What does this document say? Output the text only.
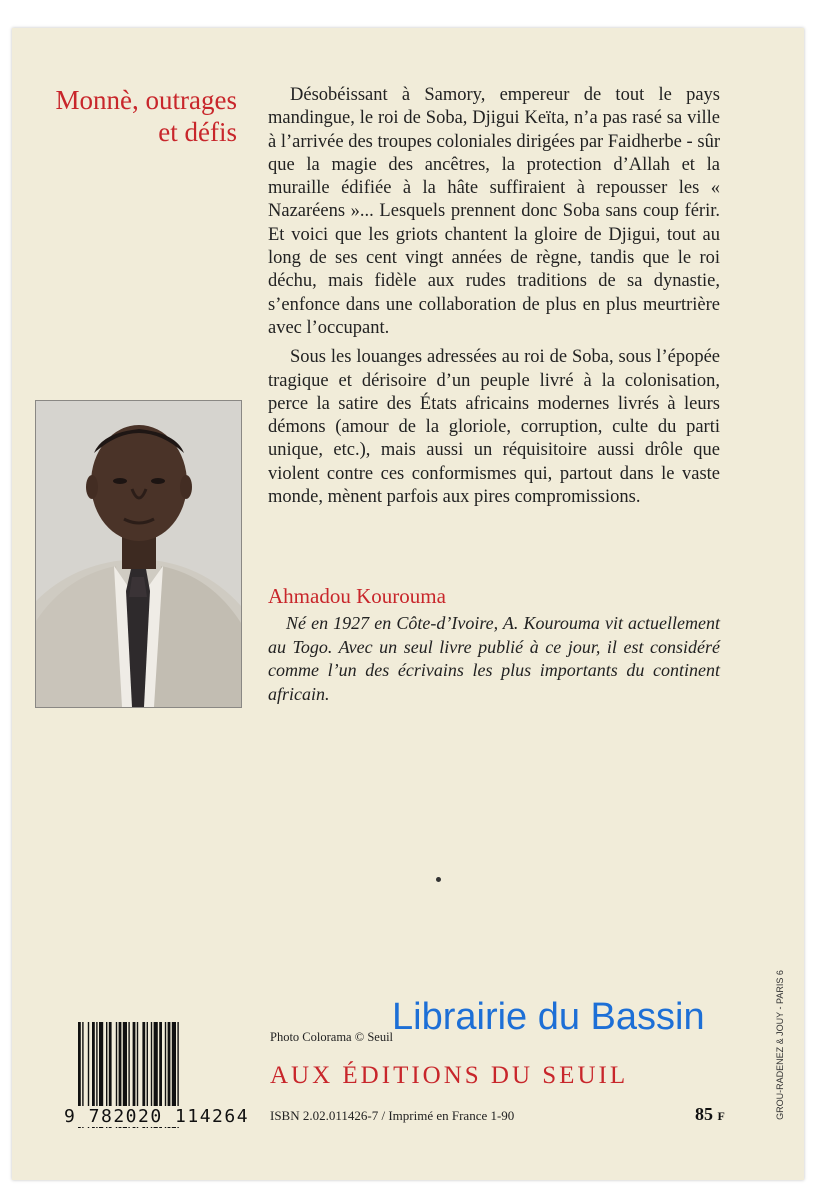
Monnè, outrages
et défis

Désobéissant à Samory, empereur de tout le pays mandingue, le roi de Soba, Djigui Keïta, n’a pas rasé sa ville à l’arrivée des troupes coloniales dirigées par Faidherbe - sûr que la magie des ancêtres, la protection d’Allah et la muraille édifiée à la hâte suffiraient à repousser les « Nazaréens »... Lesquels prennent donc Soba sans coup férir. Et voici que les griots chantent la gloire de Djigui, tout au long de ses cent vingt années de règne, tandis que le roi déchu, mais fidèle aux rudes traditions de sa dynastie, s’enfonce dans une collaboration de plus en plus meurtrière avec l’occupant.

Sous les louanges adressées au roi de Soba, sous l’épopée tragique et dérisoire d’un peuple livré à la colonisation, perce la satire des États africains modernes livrés à leurs démons (amour de la gloriole, corruption, culte du parti unique, etc.), mais aussi un réquisitoire aussi drôle que violent contre ces conformismes qui, partout dans le vaste monde, mènent parfois aux pires compromissions.

Ahmadou Kourouma

Né en 1927 en Côte-d’Ivoire, A. Kourouma vit actuellement au Togo. Avec un seul livre publié à ce jour, il est considéré comme l’un des écrivains les plus importants du continent africain.

9 782020 114264
Photo Colorama © Seuil
AUX ÉDITIONS DU SEUIL
ISBN 2.02.011426-7 / Imprimé en France 1-90	85 F	GROU-RADENEZ & JOUY - PARIS 6
Librairie du Bassin
